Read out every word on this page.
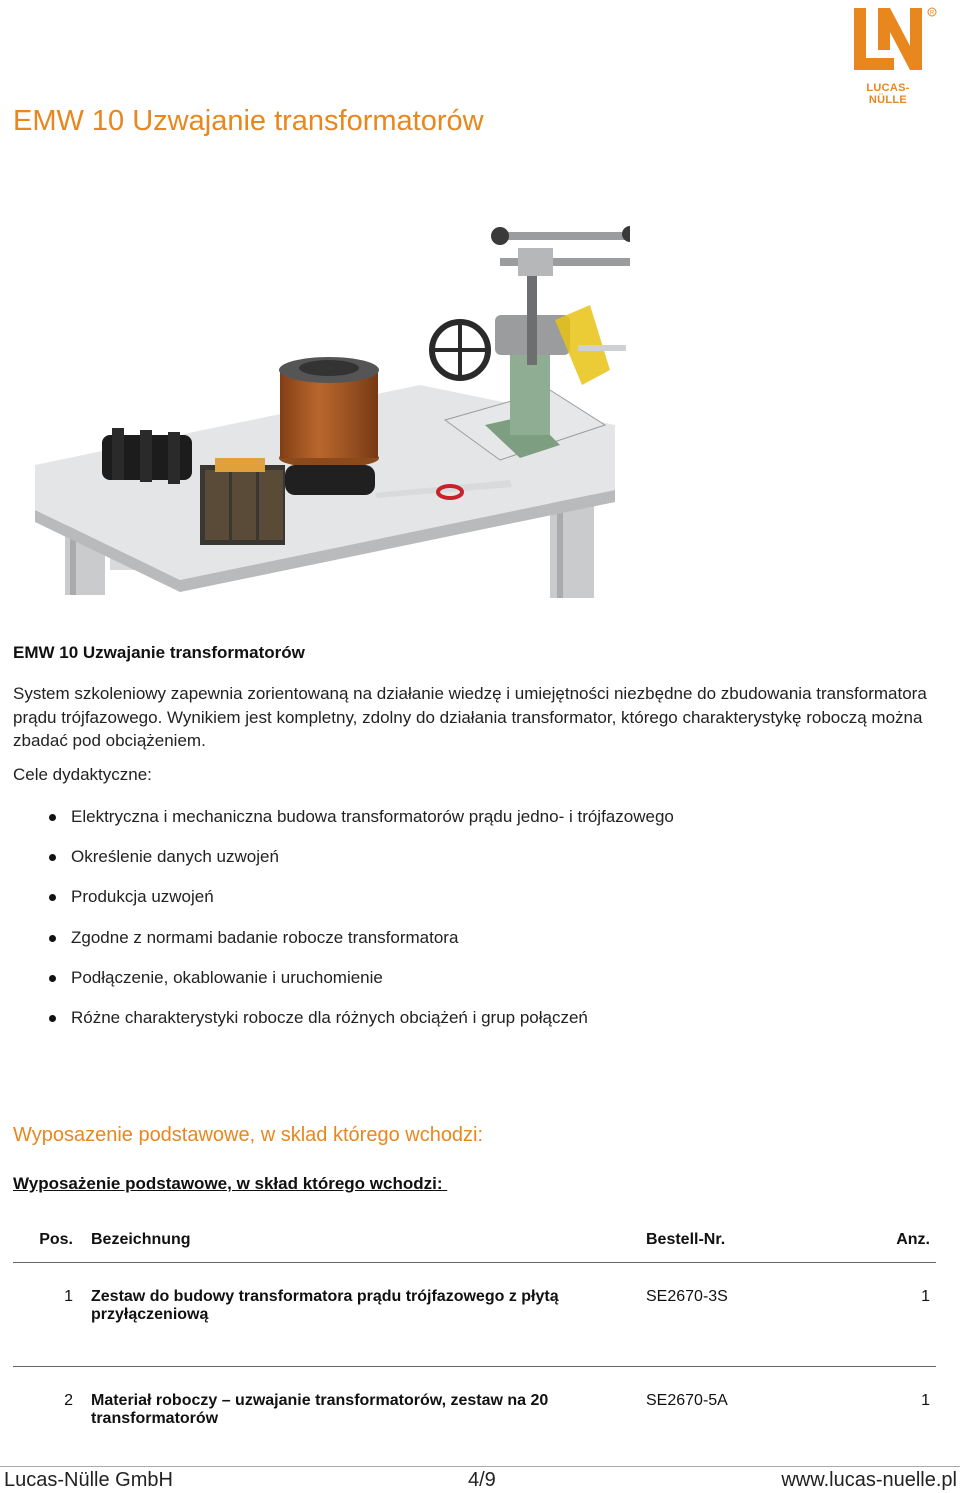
R
LUCAS-NÜLLE
EMW 10 Uzwajanie transformatorów
EMW 10 Uzwajanie transformatorów
System szkoleniowy zapewnia zorientowaną na działanie wiedzę i umiejętności niezbędne do zbudowania transformatora prądu trójfazowego. Wynikiem jest kompletny, zdolny do działania transformator, którego charakterystykę roboczą można zbadać pod obciążeniem.
Cele dydaktyczne:
Elektryczna i mechaniczna budowa transformatorów prądu jedno- i trójfazowego
Określenie danych uzwojeń
Produkcja uzwojeń
Zgodne z normami badanie robocze transformatora
Podłączenie, okablowanie i uruchomienie
Różne charakterystyki robocze dla różnych obciążeń i grup połączeń
Wyposazenie podstawowe, w sklad którego wchodzi:
Wyposażenie podstawowe, w skład którego wchodzi:
Pos.	Bezeichnung	Bestell-Nr.	Anz.
1	Zestaw do budowy transformatora prądu trójfazowego z płytą przyłączeniową	SE2670-3S	1
2	Materiał roboczy – uzwajanie transformatorów, zestaw na 20 transformatorów	SE2670-5A	1
Lucas-Nülle GmbH	4/9	www.lucas-nuelle.pl
